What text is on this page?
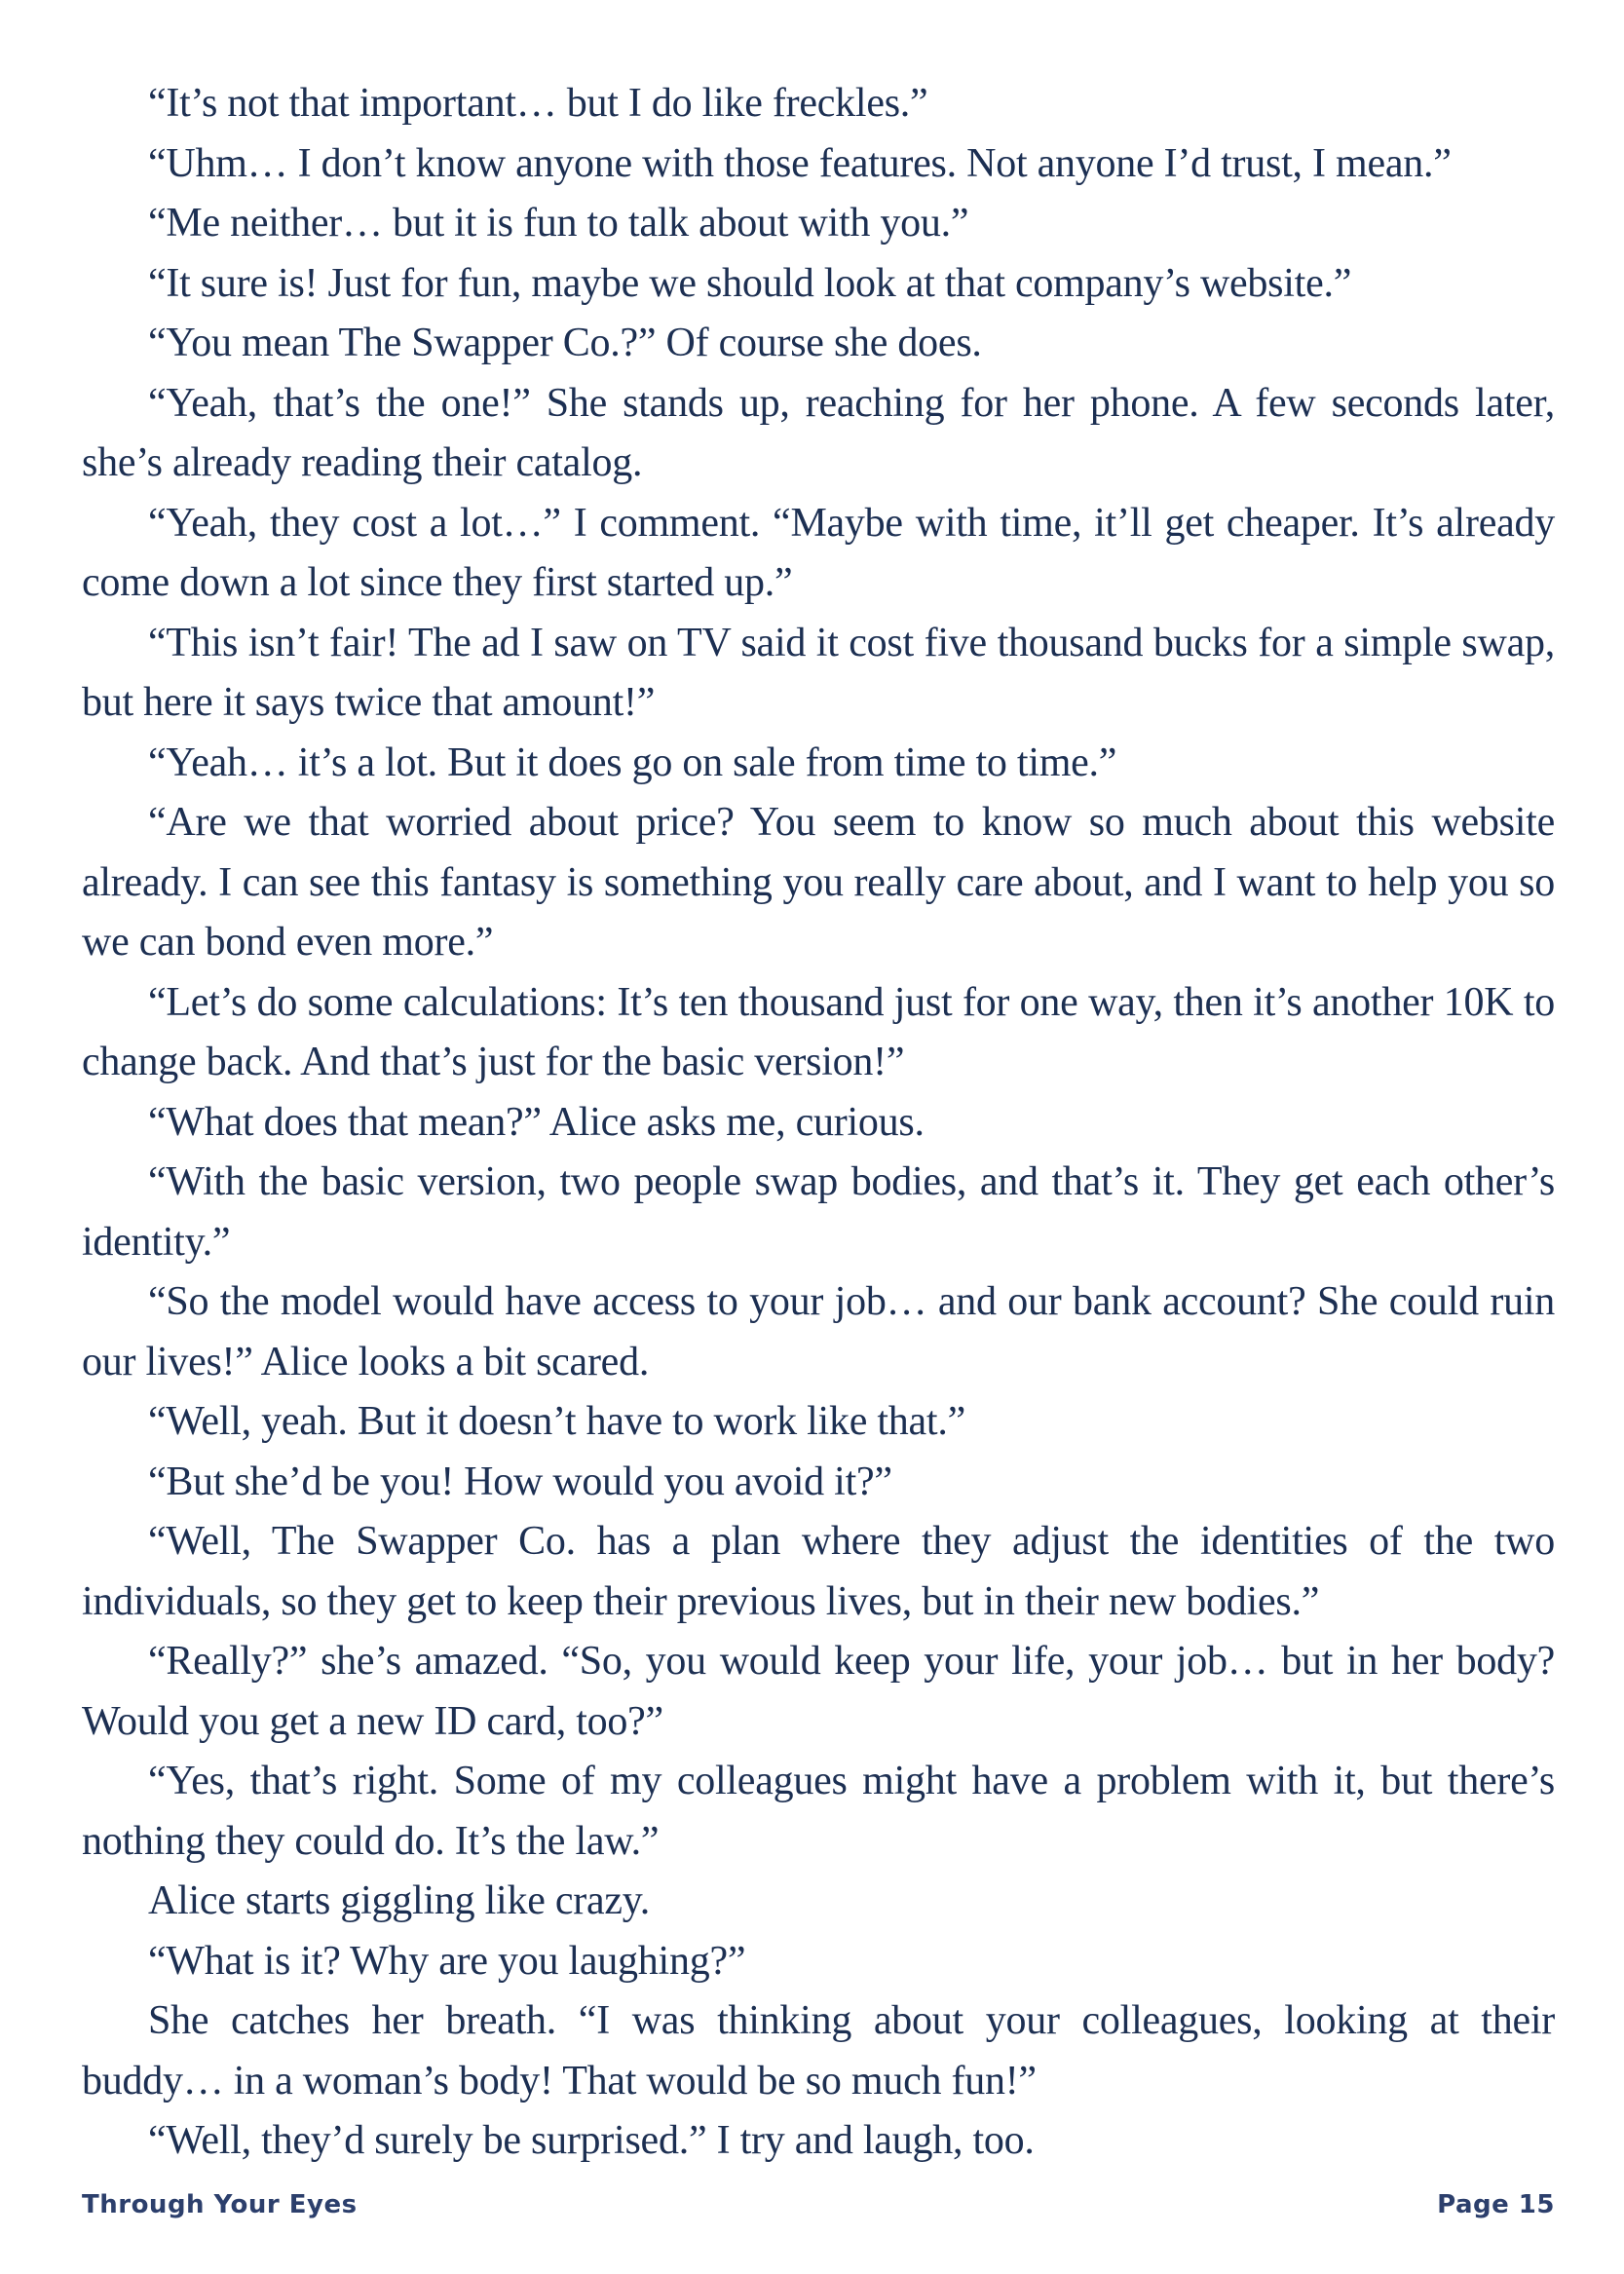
“It’s not that important… but I do like freckles.”

“Uhm… I don’t know anyone with those features. Not anyone I’d trust, I mean.”

“Me neither… but it is fun to talk about with you.”

“It sure is! Just for fun, maybe we should look at that company’s website.”

“You mean The Swapper Co.?” Of course she does.

“Yeah, that’s the one!” She stands up, reaching for her phone. A few seconds later, she’s already reading their catalog.

“Yeah, they cost a lot…” I comment. “Maybe with time, it’ll get cheaper. It’s already come down a lot since they first started up.”

“This isn’t fair! The ad I saw on TV said it cost five thousand bucks for a simple swap, but here it says twice that amount!”

“Yeah… it’s a lot. But it does go on sale from time to time.”

“Are we that worried about price? You seem to know so much about this website already. I can see this fantasy is something you really care about, and I want to help you so we can bond even more.”

“Let’s do some calculations: It’s ten thousand just for one way, then it’s another 10K to change back. And that’s just for the basic version!”

“What does that mean?” Alice asks me, curious.

“With the basic version, two people swap bodies, and that’s it. They get each other’s identity.”

“So the model would have access to your job… and our bank account? She could ruin our lives!” Alice looks a bit scared.

“Well, yeah. But it doesn’t have to work like that.”

“But she’d be you! How would you avoid it?”

“Well, The Swapper Co. has a plan where they adjust the identities of the two individuals, so they get to keep their previous lives, but in their new bodies.”

“Really?” she’s amazed. “So, you would keep your life, your job… but in her body? Would you get a new ID card, too?”

“Yes, that’s right. Some of my colleagues might have a problem with it, but there’s nothing they could do. It’s the law.”

Alice starts giggling like crazy.

“What is it? Why are you laughing?”

She catches her breath. “I was thinking about your colleagues, looking at their buddy… in a woman’s body! That would be so much fun!”

“Well, they’d surely be surprised.” I try and laugh, too.

Through Your Eyes	Page 15
